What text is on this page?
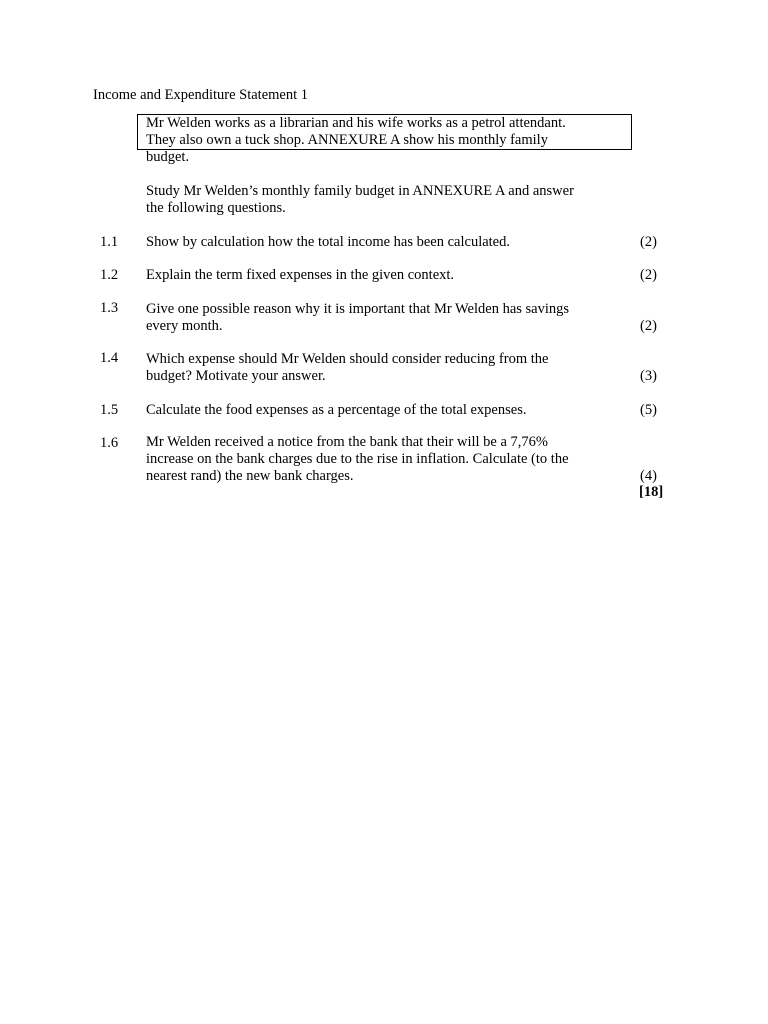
Income and Expenditure Statement 1
Mr Welden works as a librarian and his wife works as a petrol attendant.
They also own a tuck shop. ANNEXURE A show his monthly family
budget.
Study Mr Welden’s monthly family budget in ANNEXURE A and answer
the following questions.
1.1 Show by calculation how the total income has been calculated.	(2)
1.2 Explain the term fixed expenses in the given context.	(2)
1.3 Give one possible reason why it is important that Mr Welden has savings
every month.	(2)
1.4 Which expense should Mr Welden should consider reducing from the
budget? Motivate your answer.	(3)
1.5 Calculate the food expenses as a percentage of the total expenses.	(5)
1.6 Mr Welden received a notice from the bank that their will be a 7,76%
increase on the bank charges due to the rise in inflation. Calculate (to the
nearest rand) the new bank charges.	(4)
[18]
